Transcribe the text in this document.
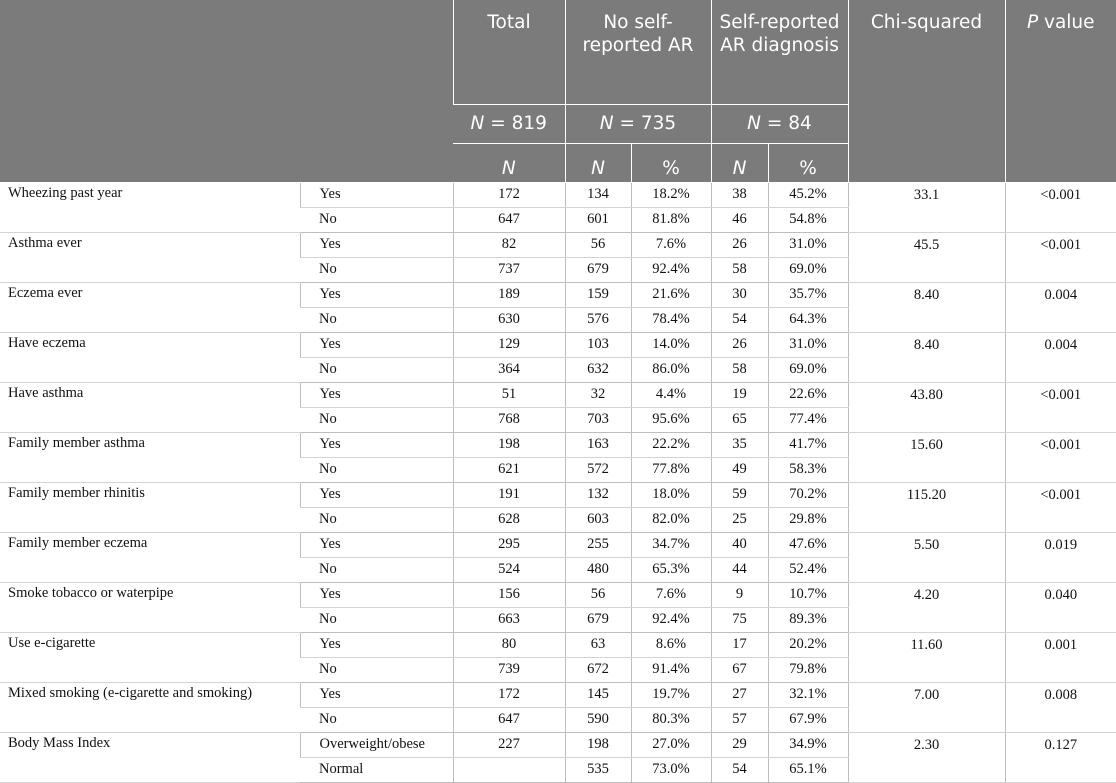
		Total	No self-reported AR		Self-reported AR diagnosis		Chi-squared	P value
		N = 819	N = 735		N = 84			
		N	N	%	N	%		
Wheezing past year	Yes	172	134	18.2%	38	45.2%	33.1	<0.001
	No	647	601	81.8%	46	54.8%		
Asthma ever	Yes	82	56	7.6%	26	31.0%	45.5	<0.001
	No	737	679	92.4%	58	69.0%		
Eczema ever	Yes	189	159	21.6%	30	35.7%	8.40	0.004
	No	630	576	78.4%	54	64.3%		
Have eczema	Yes	129	103	14.0%	26	31.0%	8.40	0.004
	No	364	632	86.0%	58	69.0%		
Have asthma	Yes	51	32	4.4%	19	22.6%	43.80	<0.001
	No	768	703	95.6%	65	77.4%		
Family member asthma	Yes	198	163	22.2%	35	41.7%	15.60	<0.001
	No	621	572	77.8%	49	58.3%		
Family member rhinitis	Yes	191	132	18.0%	59	70.2%	115.20	<0.001
	No	628	603	82.0%	25	29.8%		
Family member eczema	Yes	295	255	34.7%	40	47.6%	5.50	0.019
	No	524	480	65.3%	44	52.4%		
Smoke tobacco or waterpipe	Yes	156	56	7.6%	9	10.7%	4.20	0.040
	No	663	679	92.4%	75	89.3%		
Use e-cigarette	Yes	80	63	8.6%	17	20.2%	11.60	0.001
	No	739	672	91.4%	67	79.8%		
Mixed smoking (e-cigarette and smoking)	Yes	172	145	19.7%	27	32.1%	7.00	0.008
	No	647	590	80.3%	57	67.9%		
Body Mass Index	Overweight/obese	227	198	27.0%	29	34.9%	2.30	0.127
	Normal		535	73.0%	54	65.1%		
